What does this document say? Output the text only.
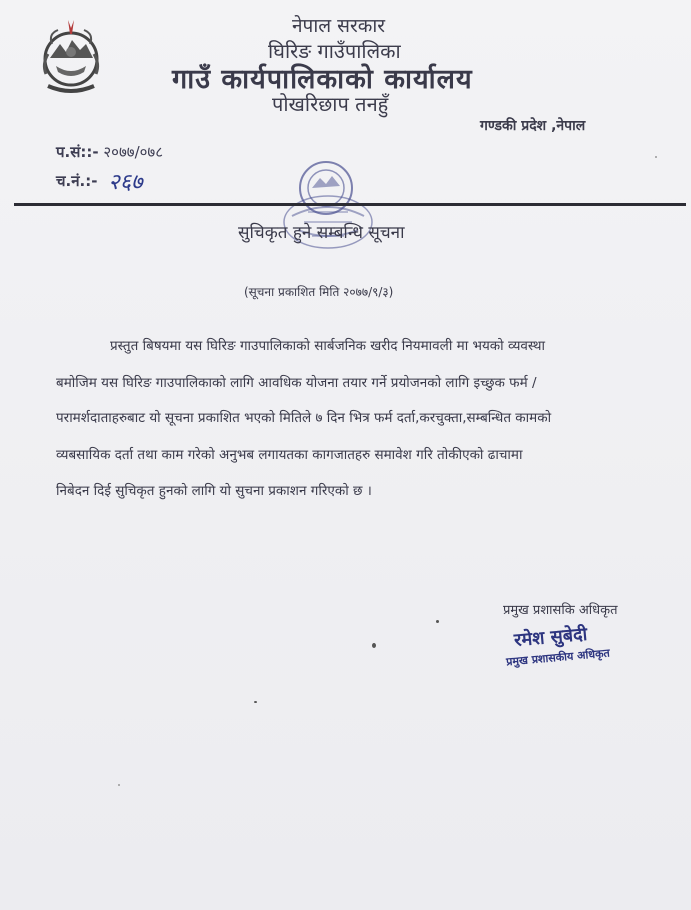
नेपाल सरकार
घिरिङ गाउँपालिका
गाउँ कार्यपालिकाको कार्यालय
पोखरिछाप तनहुँ
गण्डकी प्रदेश ,नेपाल
प.सं::- २०७७/०७८
च.नं.:- २६७
सुचिकृत हुने सम्बन्धि सूचना
(सूचना प्रकाशित मिति २०७७/९/३)
प्रस्तुत बिषयमा यस घिरिङ गाउपालिकाको सार्बजनिक खरीद नियमावली मा भयको व्यवस्था
बमोजिम यस घिरिङ गाउपालिकाको लागि आवधिक योजना तयार गर्ने प्रयोजनको लागि इच्छुक फर्म /
परामर्शदाताहरुबाट यो सूचना प्रकाशित भएको मितिले ७ दिन भित्र फर्म दर्ता,करचुक्ता,सम्बन्धित कामको
व्यबसायिक दर्ता तथा काम गरेको अनुभब लगायतका कागजातहरु समावेश गरि तोकीएको ढाचामा
निबेदन दिई सुचिकृत हुनको लागि यो सुचना प्रकाशन गरिएको छ ।
प्रमुख प्रशासकि अधिकृत
रमेश सुबेदी
प्रमुख प्रशासकीय अधिकृत
